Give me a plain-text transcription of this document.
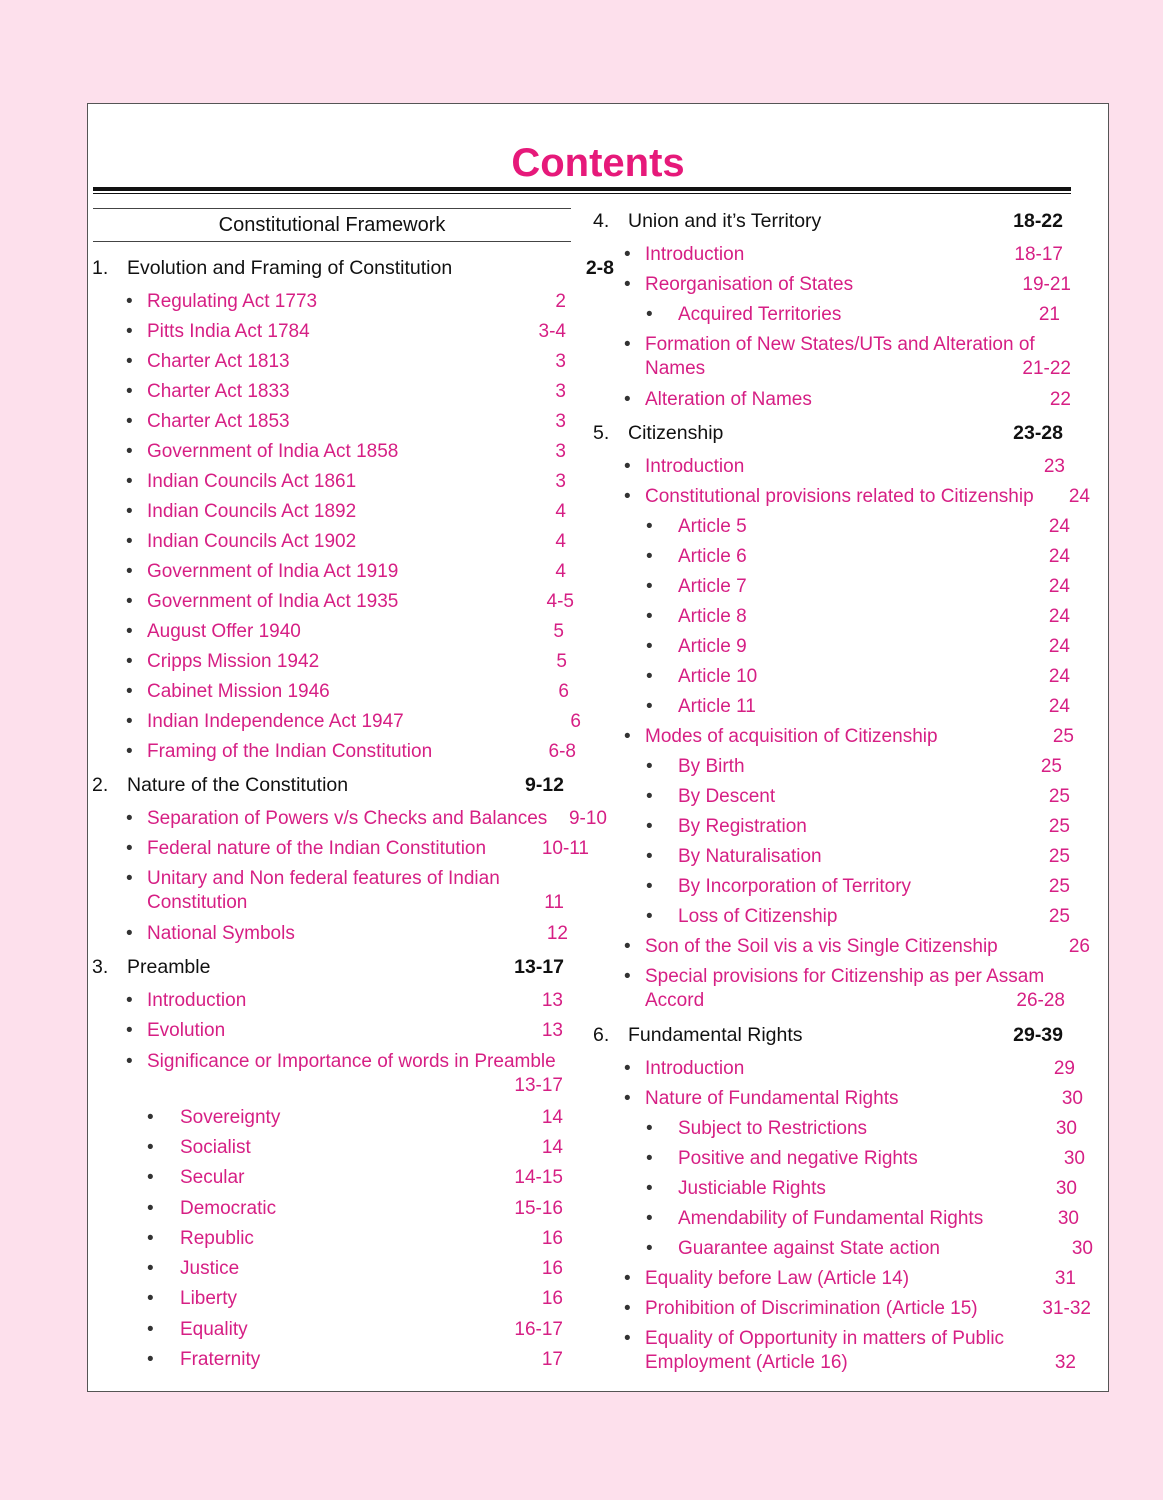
Contents
Constitutional Framework
1. Evolution and Framing of Constitution	2-8
• Regulating Act 1773	2
• Pitts India Act 1784	3-4
• Charter Act 1813	3
• Charter Act 1833	3
• Charter Act 1853	3
• Government of India Act 1858	3
• Indian Councils Act 1861	3
• Indian Councils Act 1892	4
• Indian Councils Act 1902	4
• Government of India Act 1919	4
• Government of India Act 1935	4-5
• August Offer 1940	5
• Cripps Mission 1942	5
• Cabinet Mission 1946	6
• Indian Independence Act 1947	6
• Framing of the Indian Constitution	6-8
2. Nature of the Constitution	9-12
• Separation of Powers v/s Checks and Balances 9-10
• Federal nature of the Indian Constitution	10-11
• Unitary and Non federal features of Indian
Constitution	11
• National Symbols	12
3. Preamble	13-17
• Introduction	13
• Evolution	13
• Significance or Importance of words in Preamble
13-17
• Sovereignty	14
• Socialist	14
• Secular	14-15
• Democratic	15-16
• Republic	16
• Justice	16
• Liberty	16
• Equality	16-17
• Fraternity	17
4. Union and it’s Territory	18-22
• Introduction	18-17
• Reorganisation of States	19-21
• Acquired Territories	21
• Formation of New States/UTs and Alteration of
Names	21-22
• Alteration of Names	22
5. Citizenship	23-28
• Introduction	23
• Constitutional provisions related to Citizenship 24
• Article 5	24
• Article 6	24
• Article 7	24
• Article 8	24
• Article 9	24
• Article 10	24
• Article 11	24
• Modes of acquisition of Citizenship	25
• By Birth	25
• By Descent	25
• By Registration	25
• By Naturalisation	25
• By Incorporation of Territory	25
• Loss of Citizenship	25
• Son of the Soil vis a vis Single Citizenship	26
• Special provisions for Citizenship as per Assam
Accord	26-28
6. Fundamental Rights	29-39
• Introduction	29
• Nature of Fundamental Rights	30
• Subject to Restrictions	30
• Positive and negative Rights	30
• Justiciable Rights	30
• Amendability of Fundamental Rights	30
• Guarantee against State action	30
• Equality before Law (Article 14)	31
• Prohibition of Discrimination (Article 15)	31-32
• Equality of Opportunity in matters of Public
Employment (Article 16)	32
